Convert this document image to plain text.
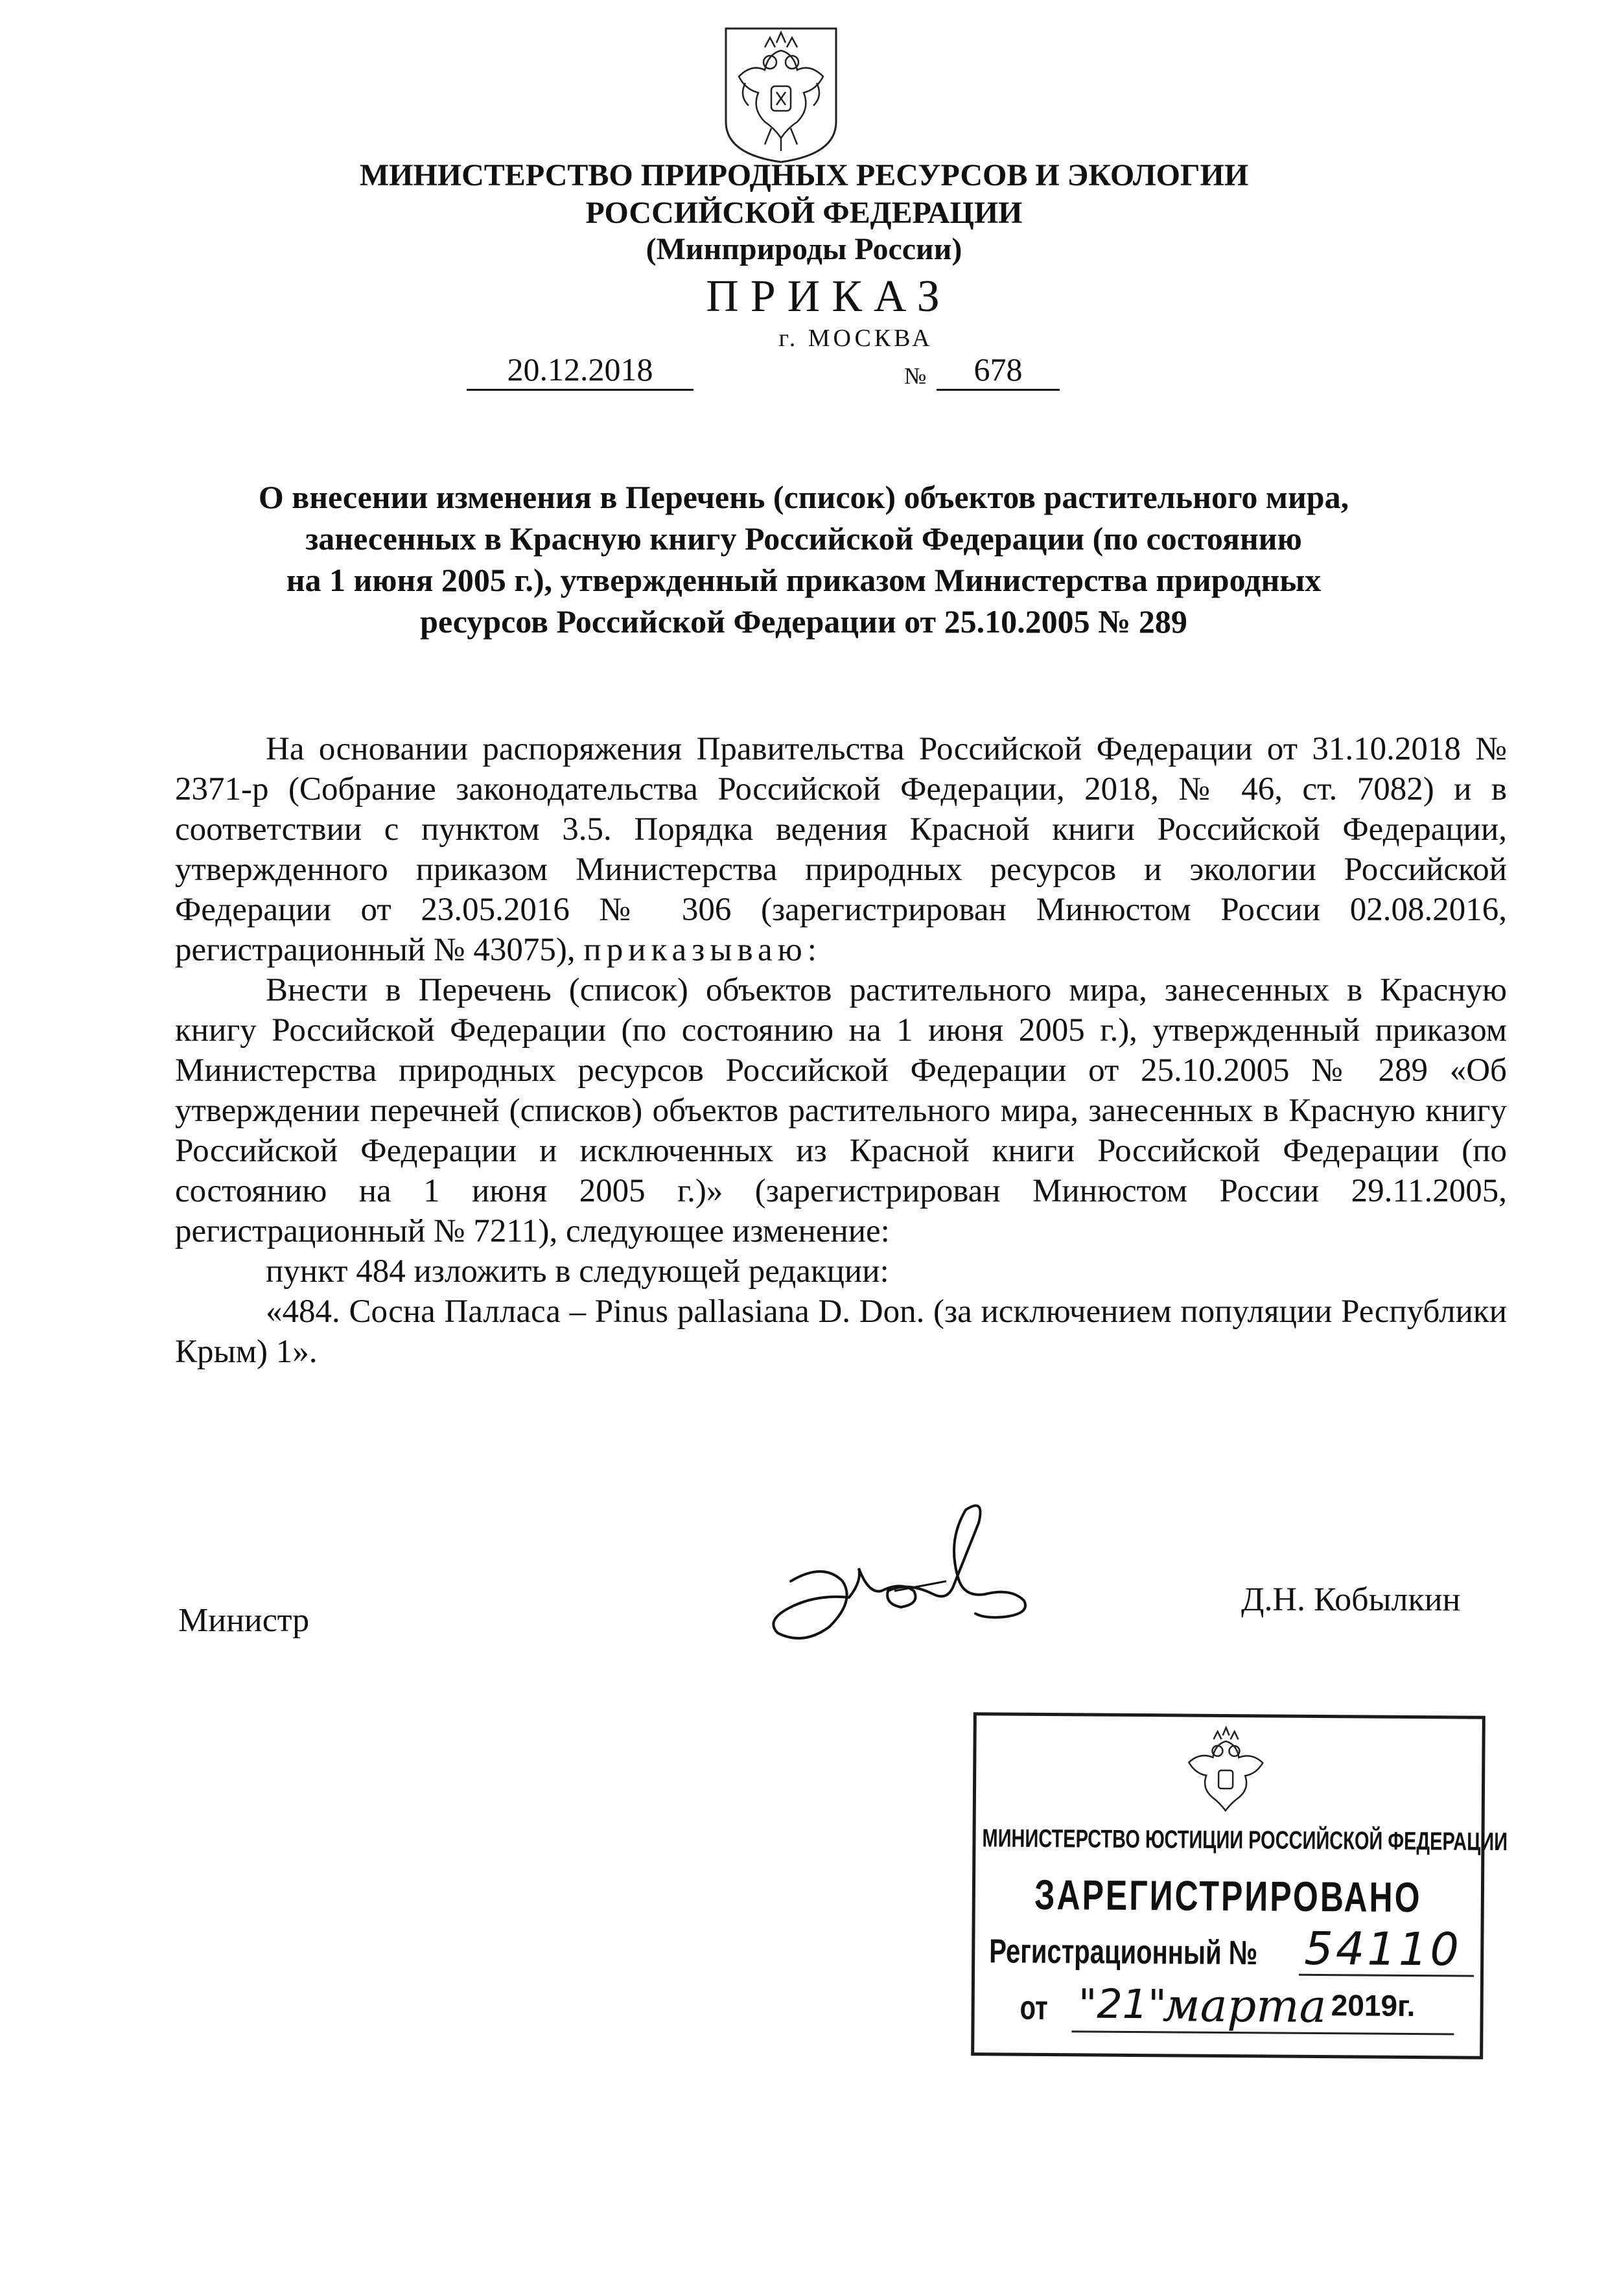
МИНИСТЕРСТВО ПРИРОДНЫХ РЕСУРСОВ И ЭКОЛОГИИ
РОССИЙСКОЙ ФЕДЕРАЦИИ
(Минприроды России)
ПРИКАЗ
г. МОСКВА
20.12.2018	№	678
О внесении изменения в Перечень (список) объектов растительного мира,
занесенных в Красную книгу Российской Федерации (по состоянию
на 1 июня 2005 г.), утвержденный приказом Министерства природных
ресурсов Российской Федерации от 25.10.2005 № 289

На основании распоряжения Правительства Российской Федерации от 31.10.2018 № 2371-р (Собрание законодательства Российской Федерации, 2018, № 46, ст. 7082) и в соответствии с пунктом 3.5. Порядка ведения Красной книги Российской Федерации, утвержденного приказом Министерства природных ресурсов и экологии Российской Федерации от 23.05.2016 № 306 (зарегистрирован Минюстом России 02.08.2016, регистрационный № 43075), приказываю:

Внести в Перечень (список) объектов растительного мира, занесенных в Красную книгу Российской Федерации (по состоянию на 1 июня 2005 г.), утвержденный приказом Министерства природных ресурсов Российской Федерации от 25.10.2005 № 289 «Об утверждении перечней (списков) объектов растительного мира, занесенных в Красную книгу Российской Федерации и исключенных из Красной книги Российской Федерации (по состоянию на 1 июня 2005 г.)» (зарегистрирован Минюстом России 29.11.2005, регистрационный № 7211), следующее изменение:

пункт 484 изложить в следующей редакции:

«484. Сосна Палласа – Pinus pallasiana D. Don. (за исключением популяции Республики Крым) 1».

Министр
Д.Н. Кобылкин
МИНИСТЕРСТВО ЮСТИЦИИ РОССИЙСКОЙ ФЕДЕРАЦИИ
ЗАРЕГИСТРИРОВАНО
Регистрационный № 54110
от "21"
марта 2019г.
